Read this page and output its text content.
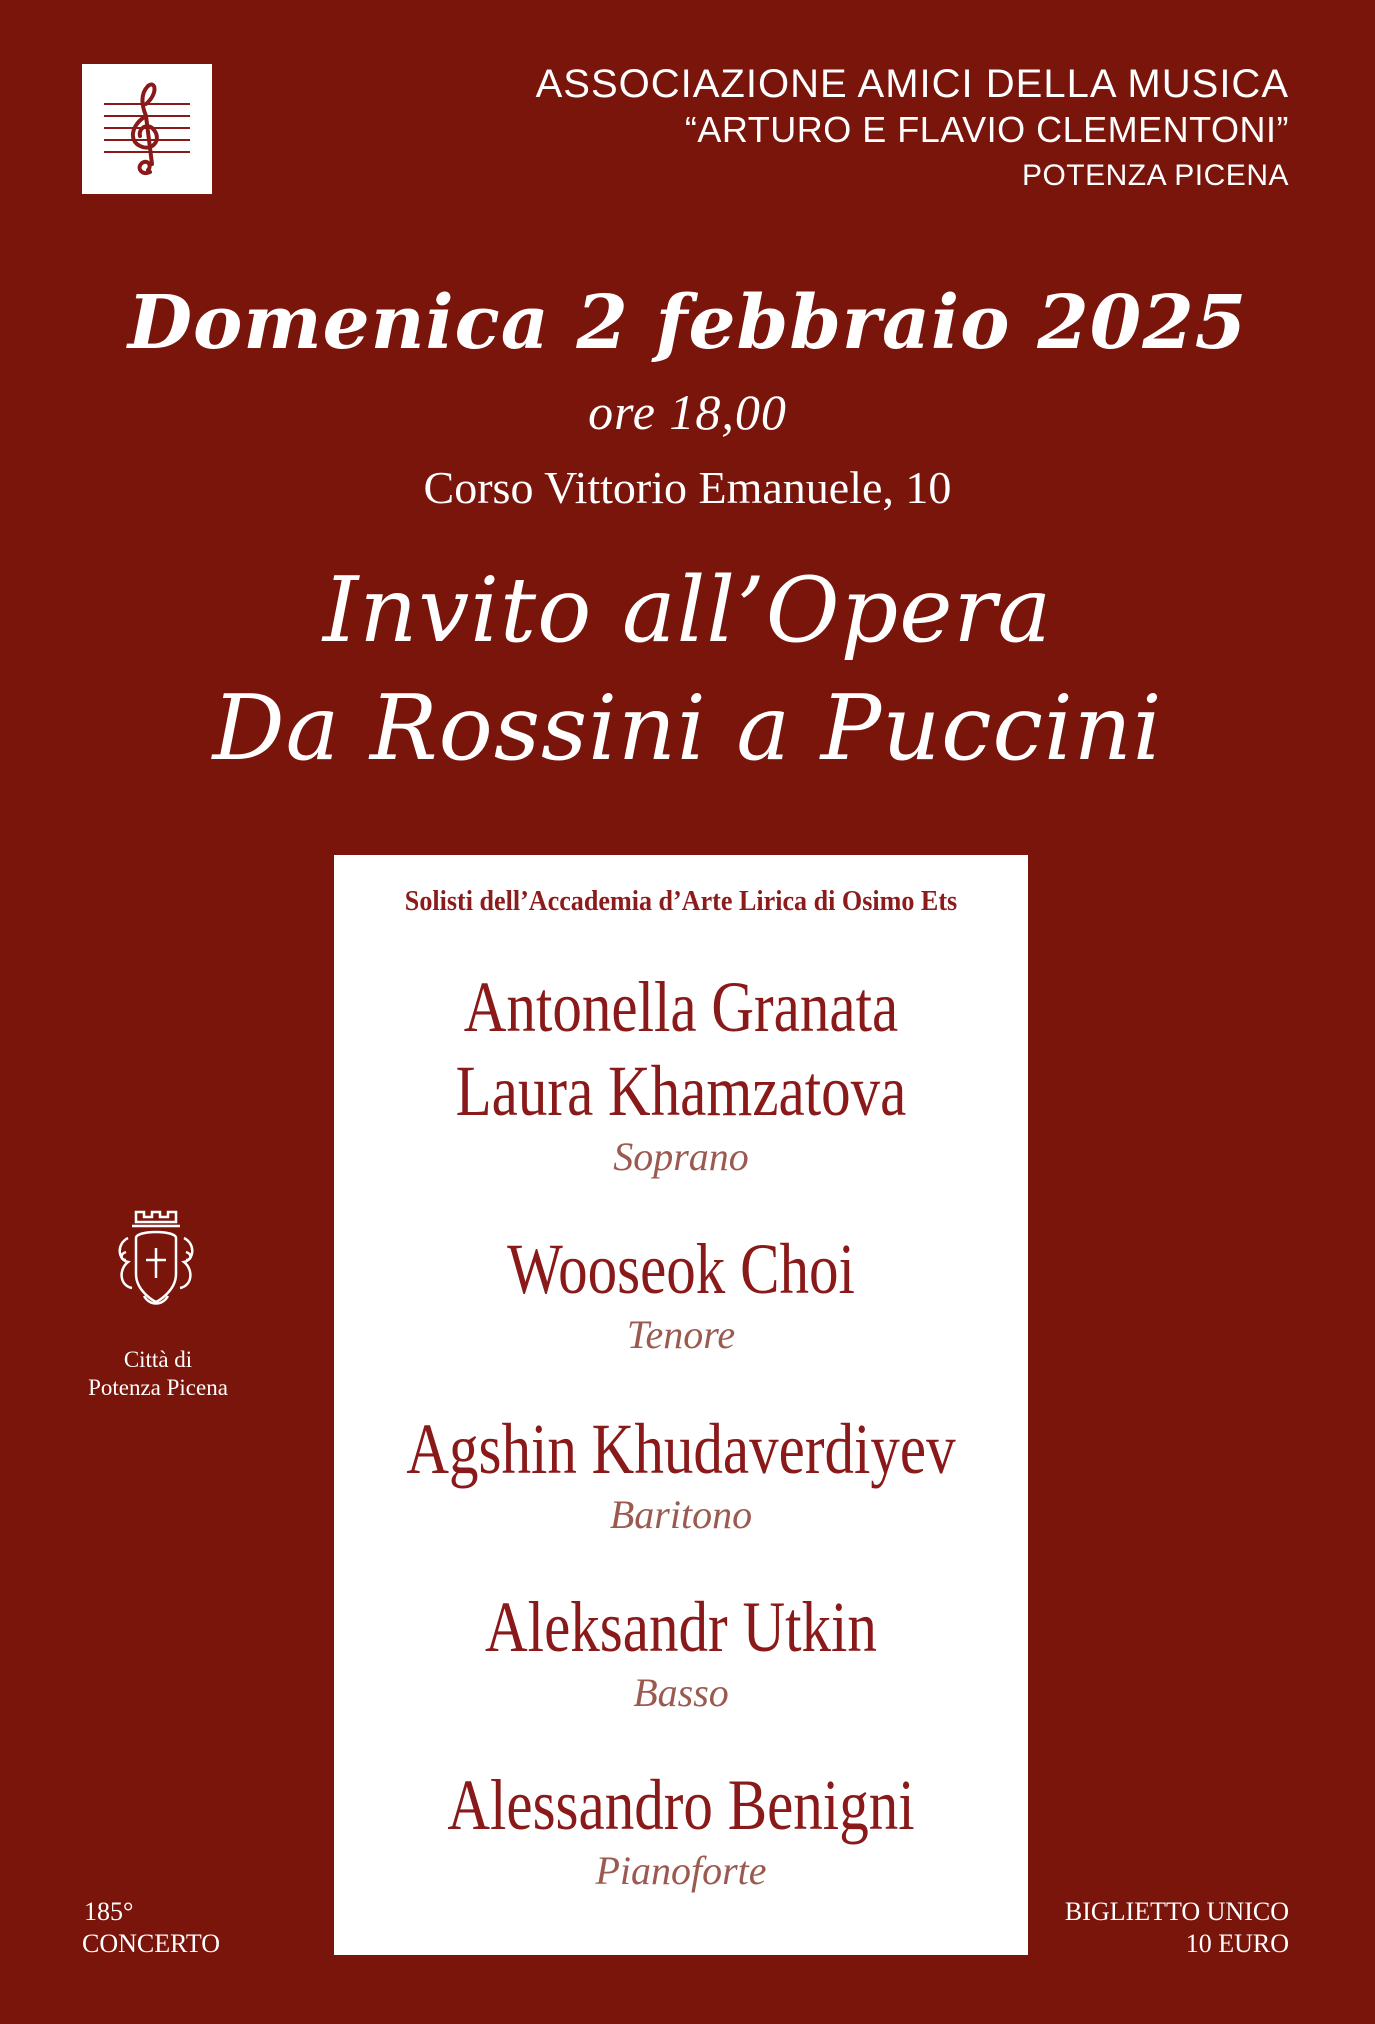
ASSOCIAZIONE AMICI DELLA MUSICA
“ARTURO E FLAVIO CLEMENTONI”
POTENZA PICENA
Domenica 2 febbraio 2025
ore 18,00
Corso Vittorio Emanuele, 10
Invito all’Opera
Da Rossini a Puccini
Solisti dell’Accademia d’Arte Lirica di Osimo Ets
Antonella Granata
Laura Khamzatova
Soprano
Wooseok Choi
Tenore
Agshin Khudaverdiyev
Baritono
Aleksandr Utkin
Basso
Alessandro Benigni
Pianoforte
Città di
Potenza Picena
185°
CONCERTO
BIGLIETTO UNICO
10 EURO
